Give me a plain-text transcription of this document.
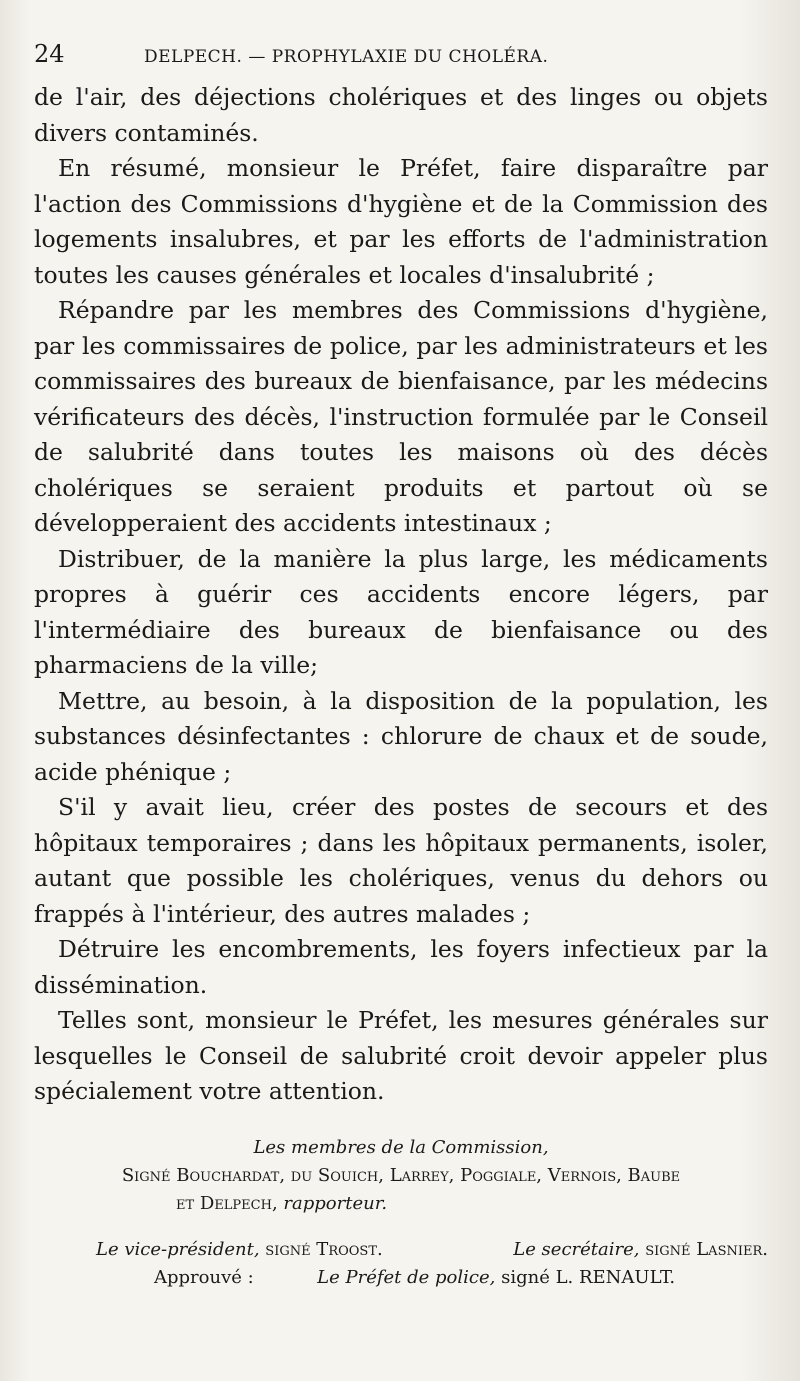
24	DELPECH. — PROPHYLAXIE DU CHOLÉRA.

de l'air, des déjections cholériques et des linges ou objets divers contaminés.

En résumé, monsieur le Préfet, faire disparaître par l'action des Commissions d'hygiène et de la Commission des logements insalubres, et par les efforts de l'administration toutes les causes générales et locales d'insalubrité ;

Répandre par les membres des Commissions d'hygiène, par les commissaires de police, par les administrateurs et les commissaires des bureaux de bienfaisance, par les médecins vérificateurs des décès, l'instruction formulée par le Conseil de salubrité dans toutes les maisons où des décès cholériques se seraient produits et partout où se développeraient des accidents intestinaux ;

Distribuer, de la manière la plus large, les médicaments propres à guérir ces accidents encore légers, par l'intermédiaire des bureaux de bienfaisance ou des pharmaciens de la ville;

Mettre, au besoin, à la disposition de la population, les substances désinfectantes : chlorure de chaux et de soude, acide phénique ;

S'il y avait lieu, créer des postes de secours et des hôpitaux temporaires ; dans les hôpitaux permanents, isoler, autant que possible les cholériques, venus du dehors ou frappés à l'intérieur, des autres malades ;

Détruire les encombrements, les foyers infectieux par la dissémination.

Telles sont, monsieur le Préfet, les mesures générales sur lesquelles le Conseil de salubrité croit devoir appeler plus spécialement votre attention.

Les membres de la Commission,
Signé Bouchardat, du Souich, Larrey, Poggiale, Vernois, Baube
et Delpech, rapporteur.
Le vice-président, signé Troost.	Le secrétaire, signé Lasnier.
Approuvé :	Le Préfet de police, signé L. RENAULT.
